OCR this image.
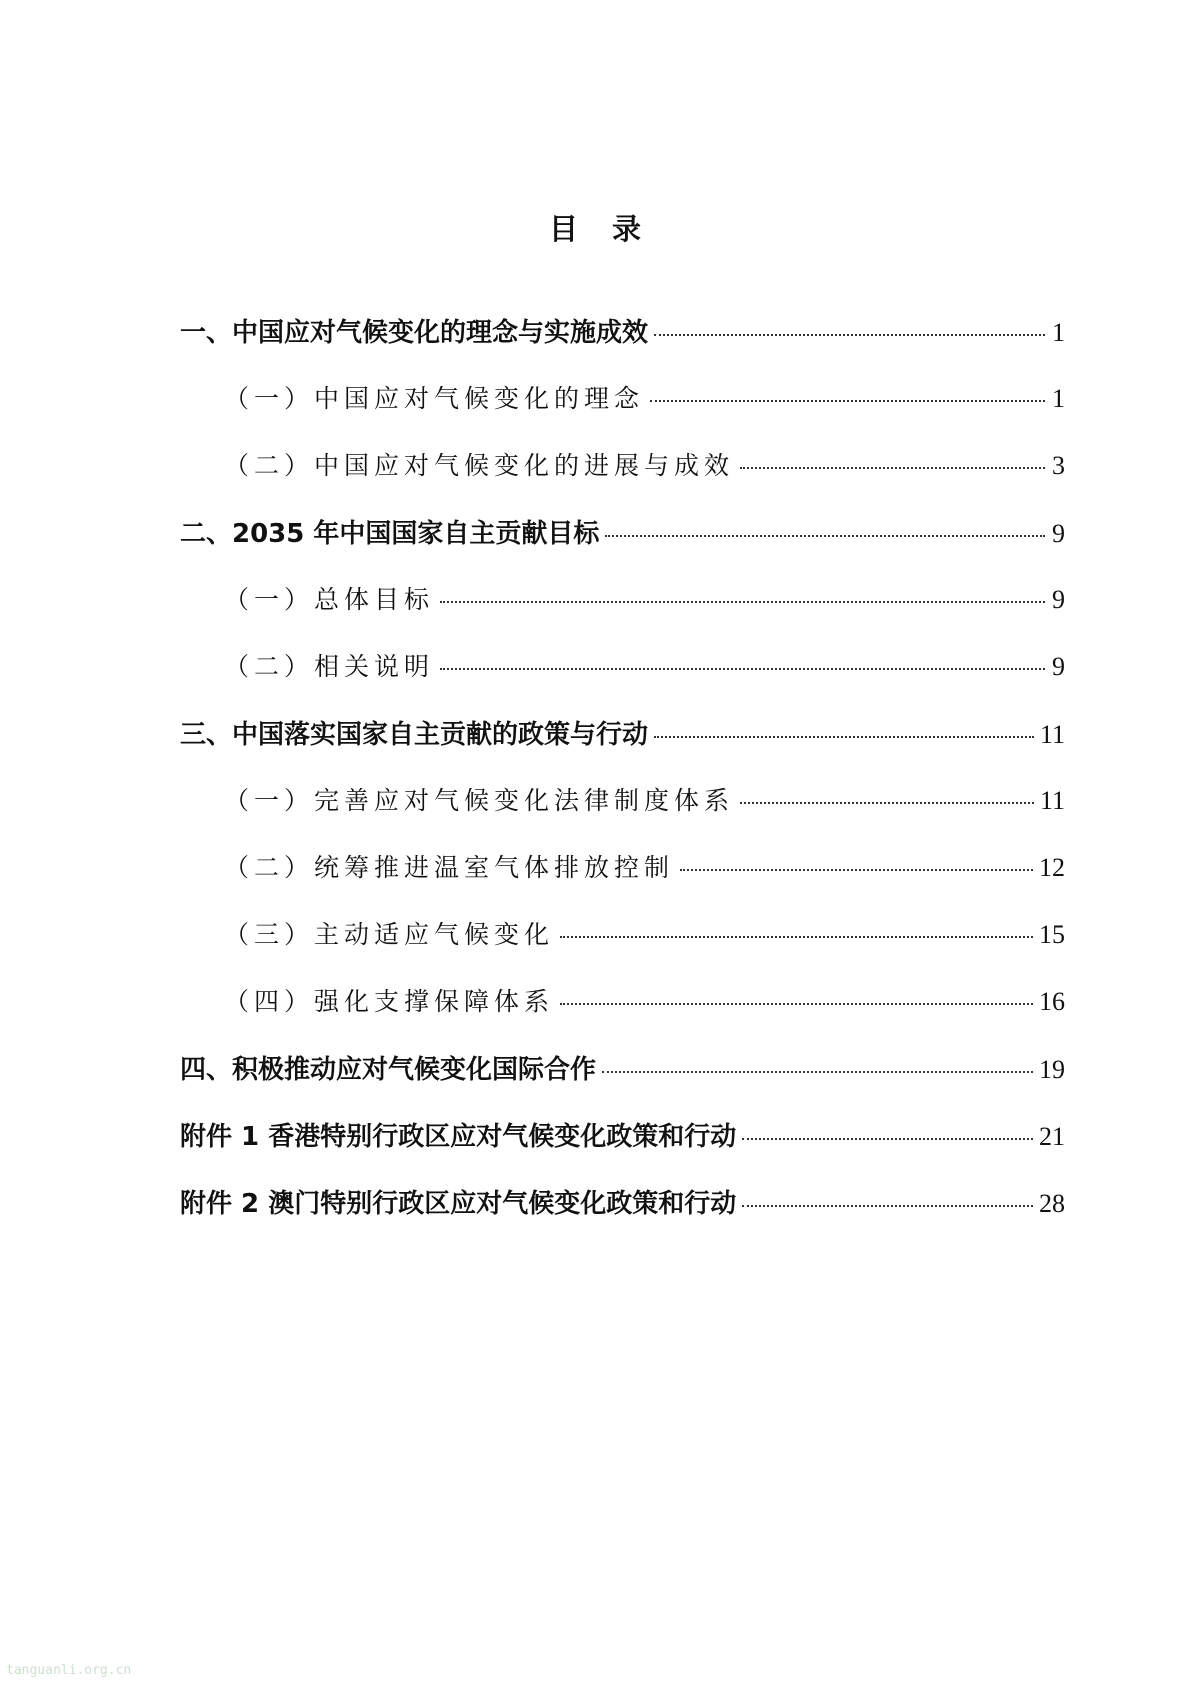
目 录
一、中国应对气候变化的理念与实施成效	1
（一）中国应对气候变化的理念	1
（二）中国应对气候变化的进展与成效	3
二、2035 年中国国家自主贡献目标	9
（一）总体目标	9
（二）相关说明	9
三、中国落实国家自主贡献的政策与行动	11
（一）完善应对气候变化法律制度体系	11
（二）统筹推进温室气体排放控制	12
（三）主动适应气候变化	15
（四）强化支撑保障体系	16
四、积极推动应对气候变化国际合作	19
附件 1 香港特别行政区应对气候变化政策和行动	21
附件 2 澳门特别行政区应对气候变化政策和行动	28
tanguanli.org.cn
